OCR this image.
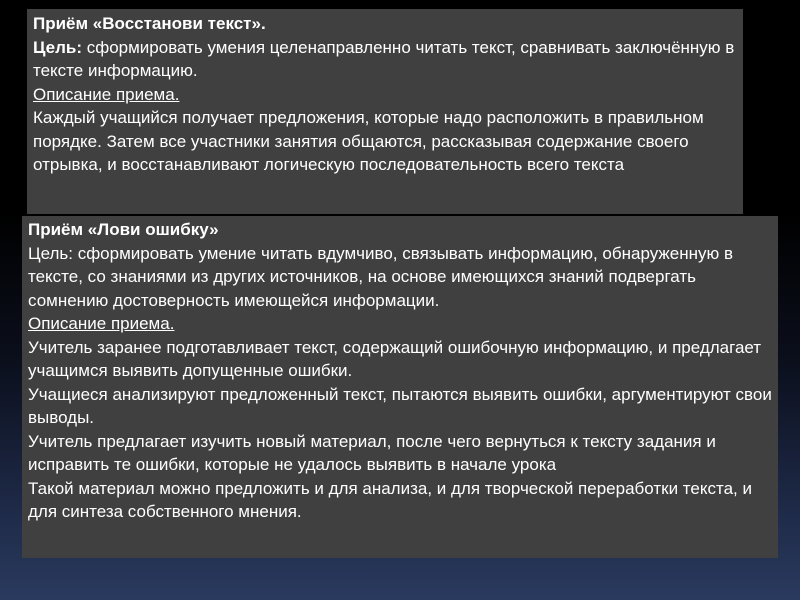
Приём «Восстанови текст».

Цель: сформировать умения целенаправленно читать текст, сравнивать заключённую в тексте информацию.

Описание приема.

Каждый учащийся получает предложения, которые надо расположить в правильном порядке. Затем все участники занятия общаются, рассказывая содержание своего отрывка, и восстанавливают логическую последовательность всего текста

Приём «Лови ошибку»

Цель: сформировать умение читать вдумчиво, связывать информацию, обнаруженную в тексте, со знаниями из других источников, на основе имеющихся знаний подвергать сомнению достоверность имеющейся информации.

Описание приема.

Учитель заранее подготавливает текст, содержащий ошибочную информацию, и предлагает учащимся выявить допущенные ошибки.

Учащиеся анализируют предложенный текст, пытаются выявить ошибки, аргументируют свои выводы.

Учитель предлагает изучить новый материал, после чего вернуться к тексту задания и исправить те ошибки, которые не удалось выявить в начале урока

Такой материал можно предложить и для анализа, и для творческой переработки текста, и для синтеза собственного мнения.
